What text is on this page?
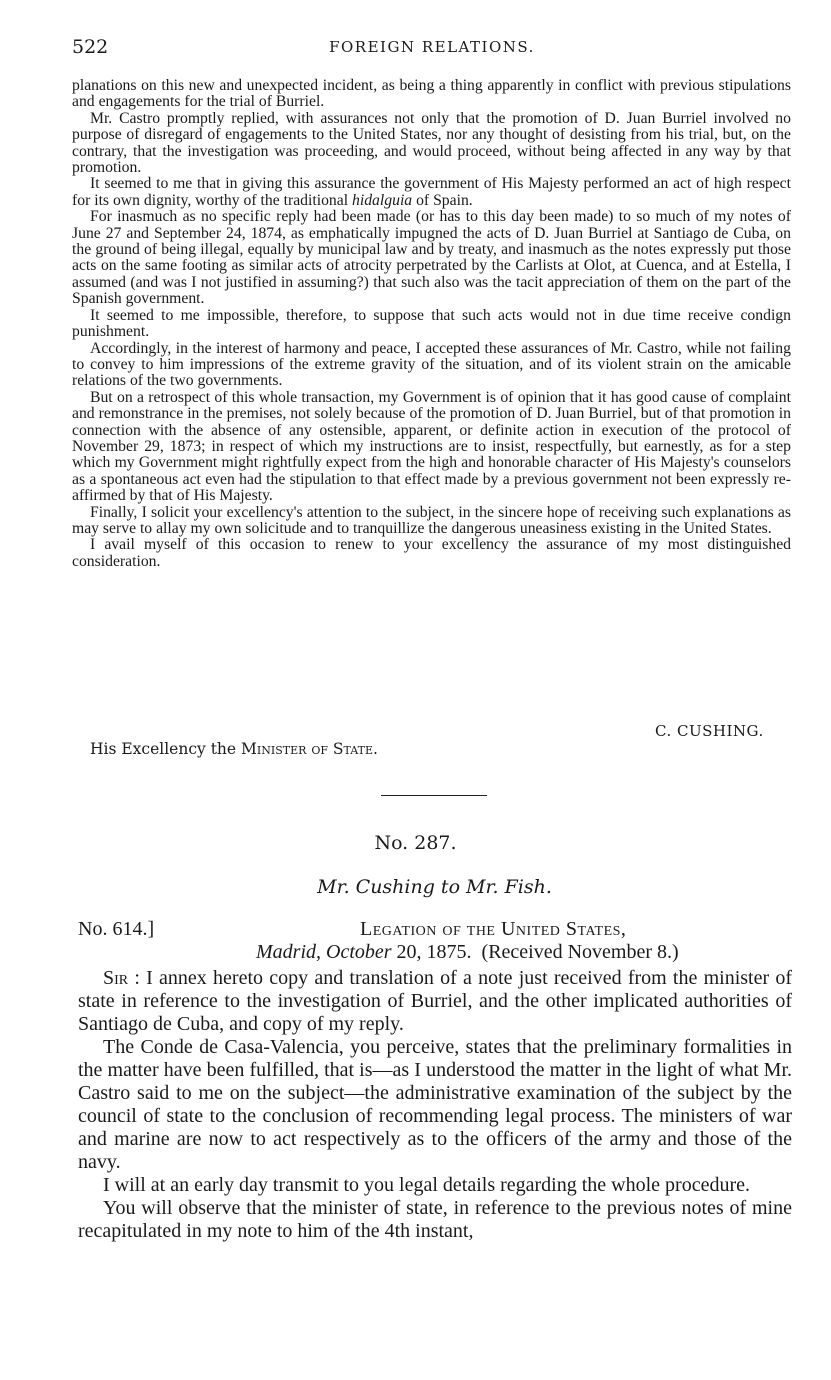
522	FOREIGN RELATIONS.

planations on this new and unexpected incident, as being a thing apparently in conflict with previous stipulations and engagements for the trial of Burriel.

Mr. Castro promptly replied, with assurances not only that the promotion of D. Juan Burriel involved no purpose of disregard of engagements to the United States, nor any thought of desisting from his trial, but, on the contrary, that the investigation was proceeding, and would proceed, without being affected in any way by that promotion.

It seemed to me that in giving this assurance the government of His Majesty performed an act of high respect for its own dignity, worthy of the traditional hidalguia of Spain.

For inasmuch as no specific reply had been made (or has to this day been made) to so much of my notes of June 27 and September 24, 1874, as emphatically impugned the acts of D. Juan Burriel at Santiago de Cuba, on the ground of being illegal, equally by municipal law and by treaty, and inasmuch as the notes expressly put those acts on the same footing as similar acts of atrocity perpetrated by the Carlists at Olot, at Cuenca, and at Estella, I assumed (and was I not justified in assuming?) that such also was the tacit appreciation of them on the part of the Spanish government.

It seemed to me impossible, therefore, to suppose that such acts would not in due time receive condign punishment.

Accordingly, in the interest of harmony and peace, I accepted these assurances of Mr. Castro, while not failing to convey to him impressions of the extreme gravity of the situation, and of its violent strain on the amicable relations of the two governments.

But on a retrospect of this whole transaction, my Government is of opinion that it has good cause of complaint and remonstrance in the premises, not solely because of the promotion of D. Juan Burriel, but of that promotion in connection with the absence of any ostensible, apparent, or definite action in execution of the protocol of November 29, 1873; in respect of which my instructions are to insist, respectfully, but earnestly, as for a step which my Government might rightfully expect from the high and honorable character of His Majesty's counselors as a spontaneous act even had the stipulation to that effect made by a previous government not been expressly re-affirmed by that of His Majesty.

Finally, I solicit your excellency's attention to the subject, in the sincere hope of receiving such explanations as may serve to allay my own solicitude and to tranquillize the dangerous uneasiness existing in the United States.

I avail myself of this occasion to renew to your excellency the assurance of my most distinguished consideration.

C. CUSHING.
His Excellency the Minister of State.
No. 287.
Mr. Cushing to Mr. Fish.
No. 614.]	Legation of the United States,
Madrid, October 20, 1875. (Received November 8.)

Sir : I annex hereto copy and translation of a note just received from the minister of state in reference to the investigation of Burriel, and the other implicated authorities of Santiago de Cuba, and copy of my reply.

The Conde de Casa-Valencia, you perceive, states that the preliminary formalities in the matter have been fulfilled, that is—as I understood the matter in the light of what Mr. Castro said to me on the subject—the administrative examination of the subject by the council of state to the conclusion of recommending legal process. The ministers of war and marine are now to act respectively as to the officers of the army and those of the navy.

I will at an early day transmit to you legal details regarding the whole procedure.

You will observe that the minister of state, in reference to the previous notes of mine recapitulated in my note to him of the 4th instant,
